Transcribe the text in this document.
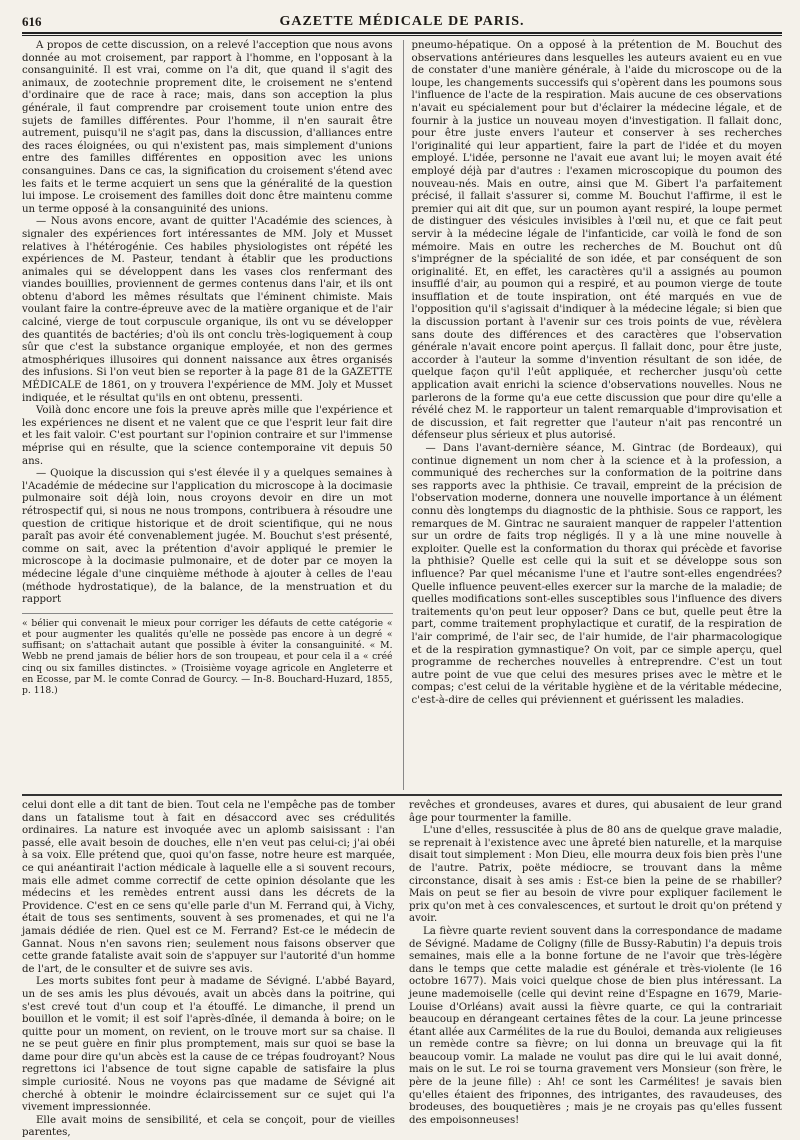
616	GAZETTE MÉDICALE DE PARIS.

A propos de cette discussion, on a relevé l'acception que nous avons donnée au mot croisement, par rapport à l'homme, en l'opposant à la consanguinité. Il est vrai, comme on l'a dit, que quand il s'agit des animaux, de zootechnie proprement dite, le croisement ne s'entend d'ordinaire que de race à race; mais, dans son acception la plus générale, il faut comprendre par croisement toute union entre des sujets de familles différentes. Pour l'homme, il n'en saurait être autrement, puisqu'il ne s'agit pas, dans la discussion, d'alliances entre des races éloignées, ou qui n'existent pas, mais simplement d'unions entre des familles différentes en opposition avec les unions consanguines. Dans ce cas, la signification du croisement s'étend avec les faits et le terme acquiert un sens que la généralité de la question lui impose. Le croisement des familles doit donc être maintenu comme un terme opposé à la consanguinité des unions.

— Nous avons encore, avant de quitter l'Académie des sciences, à signaler des expériences fort intéressantes de MM. Joly et Musset relatives à l'hétérogénie. Ces habiles physiologistes ont répété les expériences de M. Pasteur, tendant à établir que les productions animales qui se développent dans les vases clos renfermant des viandes bouillies, proviennent de germes contenus dans l'air, et ils ont obtenu d'abord les mêmes résultats que l'éminent chimiste. Mais voulant faire la contre-épreuve avec de la matière organique et de l'air calciné, vierge de tout corpuscule organique, ils ont vu se développer des quantités de bactéries; d'où ils ont conclu très-logiquement à coup sûr que c'est la substance organique employée, et non des germes atmosphériques illusoires qui donnent naissance aux êtres organisés des infusions. Si l'on veut bien se reporter à la page 81 de la GAZETTE MÉDICALE de 1861, on y trouvera l'expérience de MM. Joly et Musset indiquée, et le résultat qu'ils en ont obtenu, pressenti.

Voilà donc encore une fois la preuve après mille que l'expérience et les expériences ne disent et ne valent que ce que l'esprit leur fait dire et les fait valoir. C'est pourtant sur l'opinion contraire et sur l'immense méprise qui en résulte, que la science contemporaine vit depuis 50 ans.

— Quoique la discussion qui s'est élevée il y a quelques semaines à l'Académie de médecine sur l'application du microscope à la docimasie pulmonaire soit déjà loin, nous croyons devoir en dire un mot rétrospectif qui, si nous ne nous trompons, contribuera à résoudre une question de critique historique et de droit scientifique, qui ne nous paraît pas avoir été convenablement jugée. M. Bouchut s'est présenté, comme on sait, avec la prétention d'avoir appliqué le premier le microscope à la docimasie pulmonaire, et de doter par ce moyen la médecine légale d'une cinquième méthode à ajouter à celles de l'eau (méthode hydrostatique), de la balance, de la menstruation et du rapport

« bélier qui convenait le mieux pour corriger les défauts de cette catégorie « et pour augmenter les qualités qu'elle ne possède pas encore à un degré « suffisant; on s'attachait autant que possible à éviter la consanguinité. « M. Webb ne prend jamais de bélier hors de son troupeau, et pour cela il a « créé cinq ou six familles distinctes. » (Troisième voyage agricole en Angleterre et en Ecosse, par M. le comte Conrad de Gourcy. — In-8. Bouchard-Huzard, 1855, p. 118.)

pneumo-hépatique. On a opposé à la prétention de M. Bouchut des observations antérieures dans lesquelles les auteurs avaient eu en vue de constater d'une manière générale, à l'aide du microscope ou de la loupe, les changements successifs qui s'opèrent dans les poumons sous l'influence de l'acte de la respiration. Mais aucune de ces observations n'avait eu spécialement pour but d'éclairer la médecine légale, et de fournir à la justice un nouveau moyen d'investigation. Il fallait donc, pour être juste envers l'auteur et conserver à ses recherches l'originalité qui leur appartient, faire la part de l'idée et du moyen employé. L'idée, personne ne l'avait eue avant lui; le moyen avait été employé déjà par d'autres : l'examen microscopique du poumon des nouveau-nés. Mais en outre, ainsi que M. Gibert l'a parfaitement précisé, il fallait s'assurer si, comme M. Bouchut l'affirme, il est le premier qui ait dit que, sur un poumon ayant respiré, la loupe permet de distinguer des vésicules invisibles à l'œil nu, et que ce fait peut servir à la médecine légale de l'infanticide, car voilà le fond de son mémoire. Mais en outre les recherches de M. Bouchut ont dû s'imprégner de la spécialité de son idée, et par conséquent de son originalité. Et, en effet, les caractères qu'il a assignés au poumon insufflé d'air, au poumon qui a respiré, et au poumon vierge de toute insufflation et de toute inspiration, ont été marqués en vue de l'opposition qu'il s'agissait d'indiquer à la médecine légale; si bien que la discussion portant à l'avenir sur ces trois points de vue, révèlera sans doute des différences et des caractères que l'observation générale n'avait encore point aperçus. Il fallait donc, pour être juste, accorder à l'auteur la somme d'invention résultant de son idée, de quelque façon qu'il l'eût appliquée, et rechercher jusqu'où cette application avait enrichi la science d'observations nouvelles. Nous ne parlerons de la forme qu'a eue cette discussion que pour dire qu'elle a révélé chez M. le rapporteur un talent remarquable d'improvisation et de discussion, et fait regretter que l'auteur n'ait pas rencontré un défenseur plus sérieux et plus autorisé.

— Dans l'avant-dernière séance, M. Gintrac (de Bordeaux), qui continue dignement un nom cher à la science et à la profession, a communiqué des recherches sur la conformation de la poitrine dans ses rapports avec la phthisie. Ce travail, empreint de la précision de l'observation moderne, donnera une nouvelle importance à un élément connu dès longtemps du diagnostic de la phthisie. Sous ce rapport, les remarques de M. Gintrac ne sauraient manquer de rappeler l'attention sur un ordre de faits trop négligés. Il y a là une mine nouvelle à exploiter. Quelle est la conformation du thorax qui précède et favorise la phthisie? Quelle est celle qui la suit et se développe sous son influence? Par quel mécanisme l'une et l'autre sont-elles engendrées? Quelle influence peuvent-elles exercer sur la marche de la maladie; de quelles modifications sont-elles susceptibles sous l'influence des divers traitements qu'on peut leur opposer? Dans ce but, quelle peut être la part, comme traitement prophylactique et curatif, de la respiration de l'air comprimé, de l'air sec, de l'air humide, de l'air pharmacologique et de la respiration gymnastique? On voit, par ce simple aperçu, quel programme de recherches nouvelles à entreprendre. C'est un tout autre point de vue que celui des mesures prises avec le mètre et le compas; c'est celui de la véritable hygiène et de la véritable médecine, c'est-à-dire de celles qui préviennent et guérissent les maladies.

celui dont elle a dit tant de bien. Tout cela ne l'empêche pas de tomber dans un fatalisme tout à fait en désaccord avec ses crédulités ordinaires. La nature est invoquée avec un aplomb saisissant : l'an passé, elle avait besoin de douches, elle n'en veut pas celui-ci; j'ai obéi à sa voix. Elle prétend que, quoi qu'on fasse, notre heure est marquée, ce qui anéantirait l'action médicale à laquelle elle a si souvent recours, mais elle admet comme correctif de cette opinion désolante que les médecins et les remèdes entrent aussi dans les décrets de la Providence. C'est en ce sens qu'elle parle d'un M. Ferrand qui, à Vichy, était de tous ses sentiments, souvent à ses promenades, et qui ne l'a jamais dédiée de rien. Quel est ce M. Ferrand? Est-ce le médecin de Gannat. Nous n'en savons rien; seulement nous faisons observer que cette grande fataliste avait soin de s'appuyer sur l'autorité d'un homme de l'art, de le consulter et de suivre ses avis.

Les morts subites font peur à madame de Sévigné. L'abbé Bayard, un de ses amis les plus dévoués, avait un abcès dans la poitrine, qui s'est crevé tout d'un coup et l'a étouffé. Le dimanche, il prend un bouillon et le vomit; il est soif l'après-dînée, il demanda à boire; on le quitte pour un moment, on revient, on le trouve mort sur sa chaise. Il ne se peut guère en finir plus promptement, mais sur quoi se base la dame pour dire qu'un abcès est la cause de ce trépas foudroyant? Nous regrettons ici l'absence de tout signe capable de satisfaire la plus simple curiosité. Nous ne voyons pas que madame de Sévigné ait cherché à obtenir le moindre éclaircissement sur ce sujet qui l'a vivement impressionnée.

Elle avait moins de sensibilité, et cela se conçoit, pour de vieilles parentes,

revêches et grondeuses, avares et dures, qui abusaient de leur grand âge pour tourmenter la famille.

L'une d'elles, ressuscitée à plus de 80 ans de quelque grave maladie, se reprenait à l'existence avec une âpreté bien naturelle, et la marquise disait tout simplement : Mon Dieu, elle mourra deux fois bien près l'une de l'autre. Patrix, poëte médiocre, se trouvant dans la même circonstance, disait à ses amis : Est-ce bien la peine de se rhabiller? Mais on peut se fier au besoin de vivre pour expliquer facilement le prix qu'on met à ces convalescences, et surtout le droit qu'on prétend y avoir.

La fièvre quarte revient souvent dans la correspondance de madame de Sévigné. Madame de Coligny (fille de Bussy-Rabutin) l'a depuis trois semaines, mais elle a la bonne fortune de ne l'avoir que très-légère dans le temps que cette maladie est générale et très-violente (le 16 octobre 1677). Mais voici quelque chose de bien plus intéressant. La jeune mademoiselle (celle qui devint reine d'Espagne en 1679, Marie-Louise d'Orléans) avait aussi la fièvre quarte, ce qui la contrariait beaucoup en dérangeant certaines fêtes de la cour. La jeune princesse étant allée aux Carmélites de la rue du Bouloi, demanda aux religieuses un remède contre sa fièvre; on lui donna un breuvage qui la fit beaucoup vomir. La malade ne voulut pas dire qui le lui avait donné, mais on le sut. Le roi se tourna gravement vers Monsieur (son frère, le père de la jeune fille) : Ah! ce sont les Carmélites! je savais bien qu'elles étaient des friponnes, des intrigantes, des ravaudeuses, des brodeuses, des bouquetières ; mais je ne croyais pas qu'elles fussent des empoisonneuses!
